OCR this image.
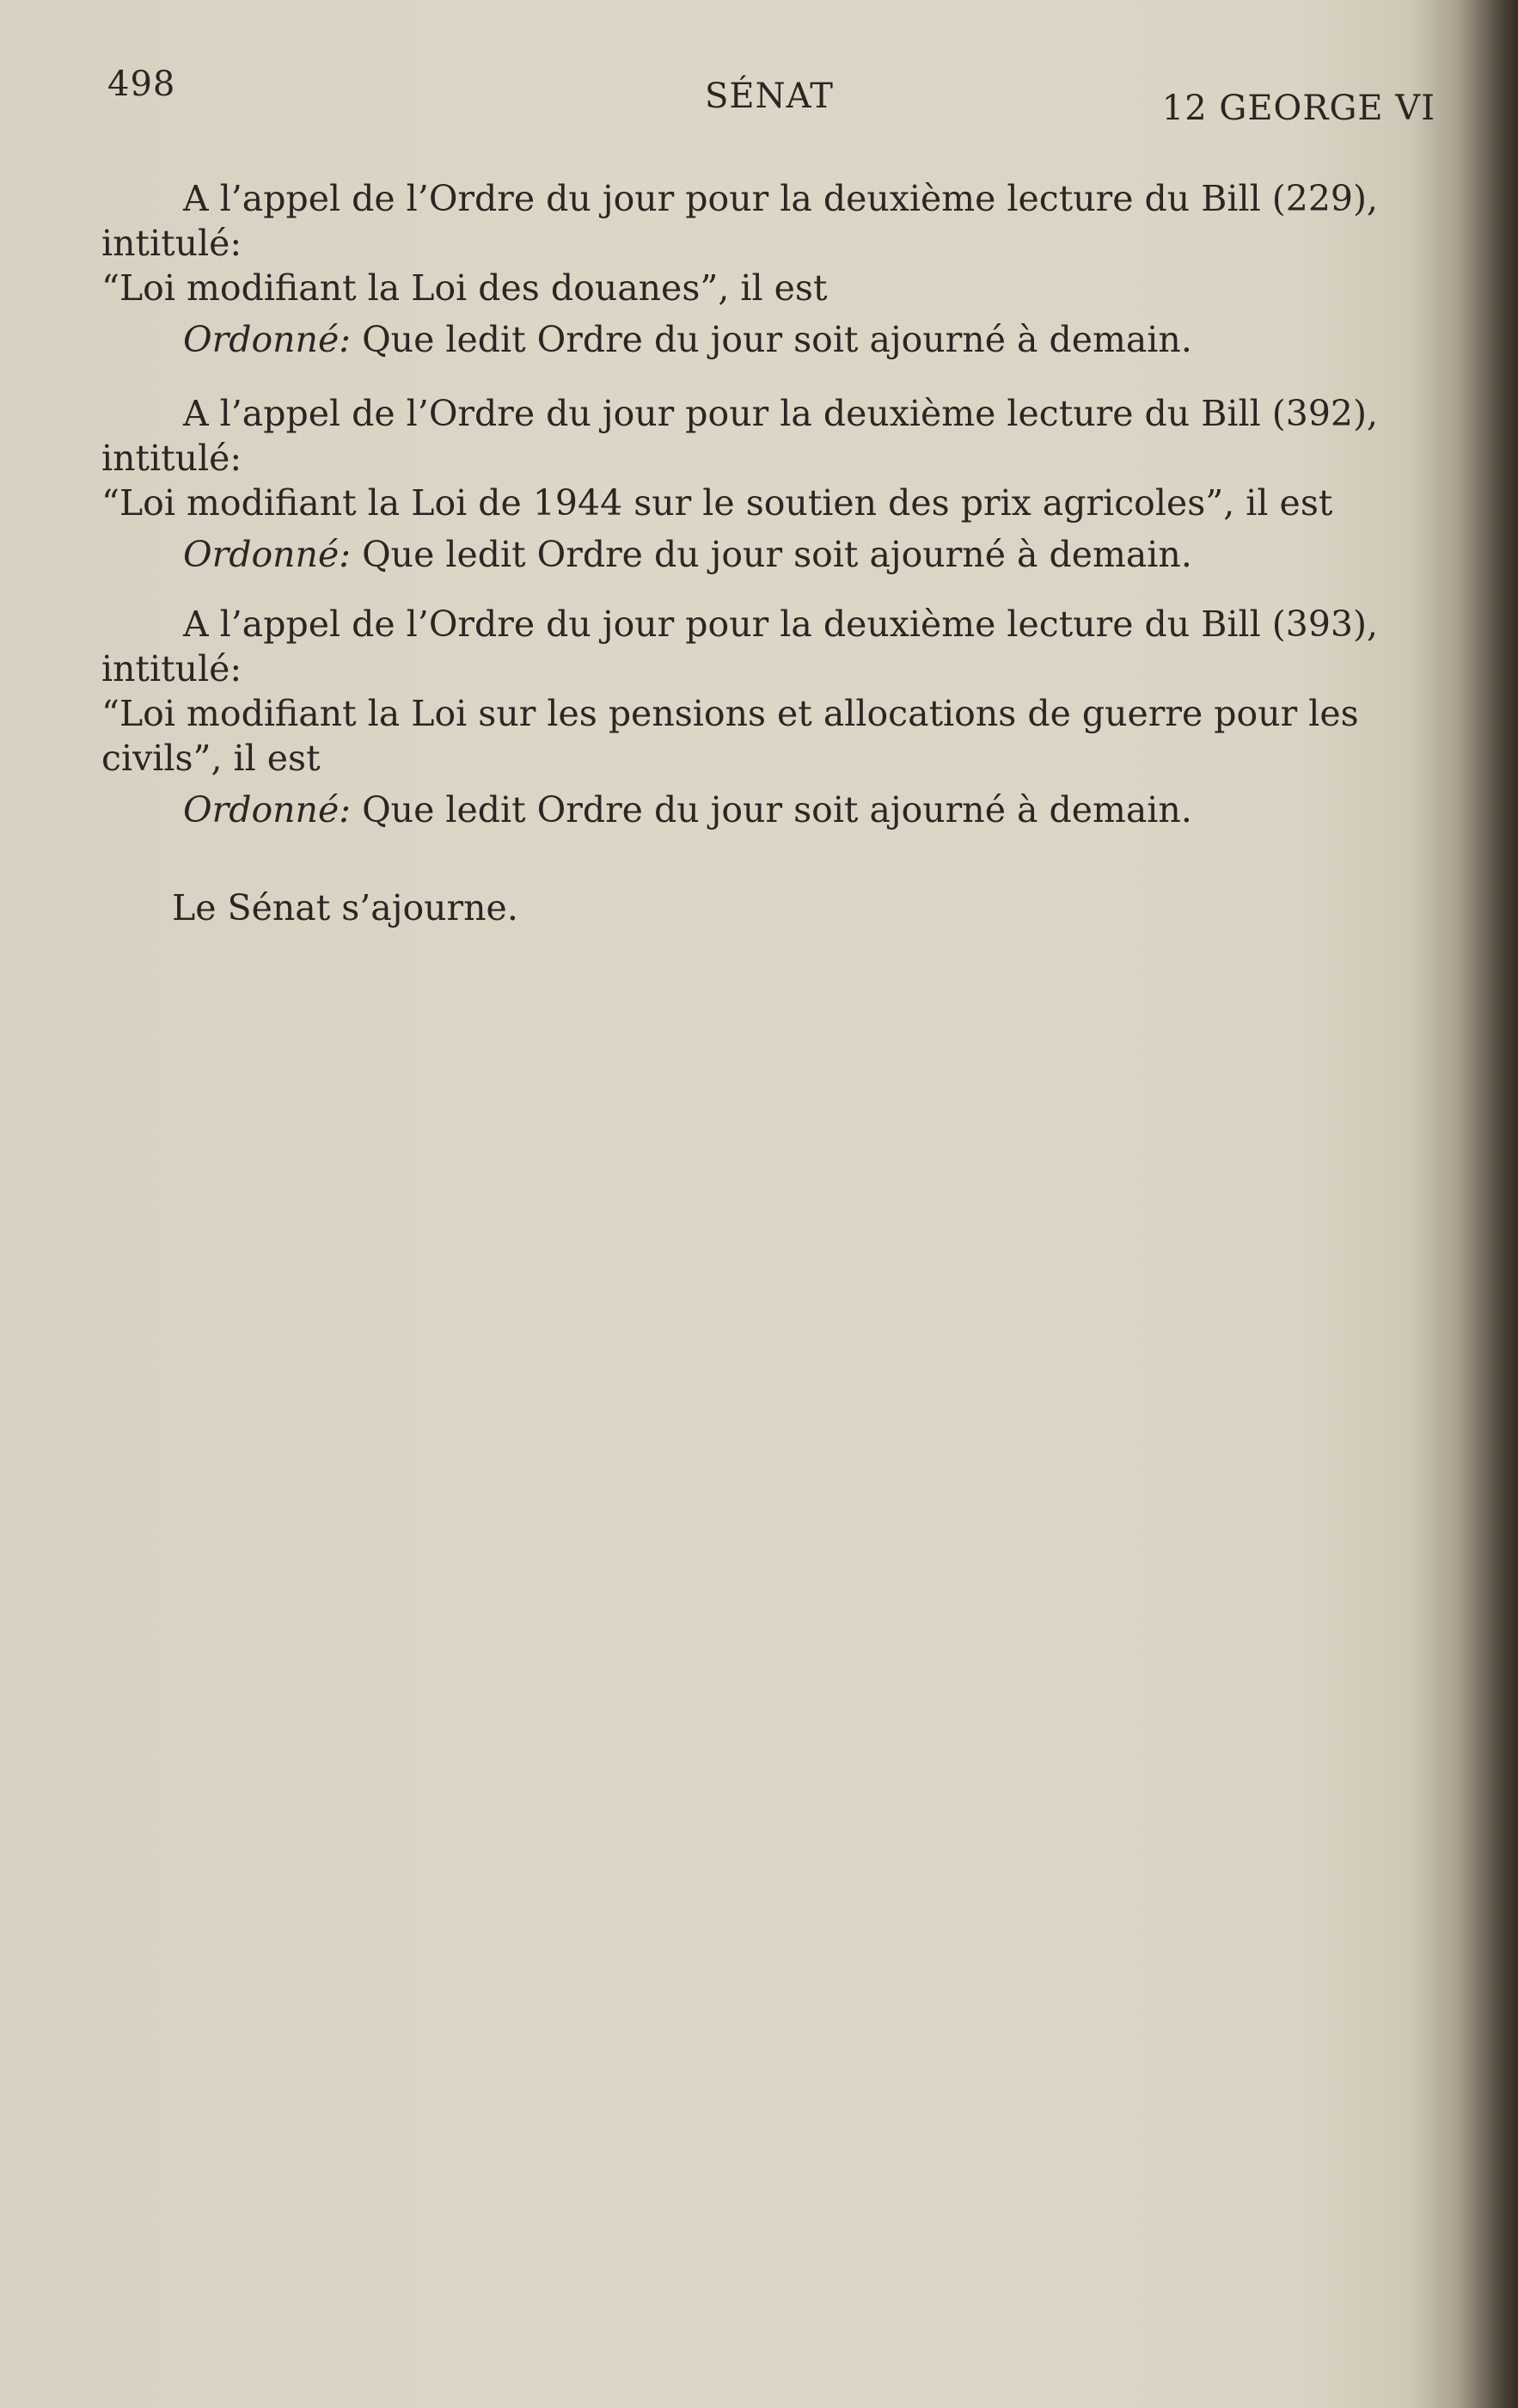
498	SÉNAT	12 GEORGE VI
A l’appel de l’Ordre du jour pour la deuxième lecture du Bill (229), intitulé:
“Loi modifiant la Loi des douanes”, il est
Ordonné: Que ledit Ordre du jour soit ajourné à demain.
A l’appel de l’Ordre du jour pour la deuxième lecture du Bill (392), intitulé:
“Loi modifiant la Loi de 1944 sur le soutien des prix agricoles”, il est
Ordonné: Que ledit Ordre du jour soit ajourné à demain.
A l’appel de l’Ordre du jour pour la deuxième lecture du Bill (393), intitulé:
“Loi modifiant la Loi sur les pensions et allocations de guerre pour les civils”, il est
Ordonné: Que ledit Ordre du jour soit ajourné à demain.
Le Sénat s’ajourne.
